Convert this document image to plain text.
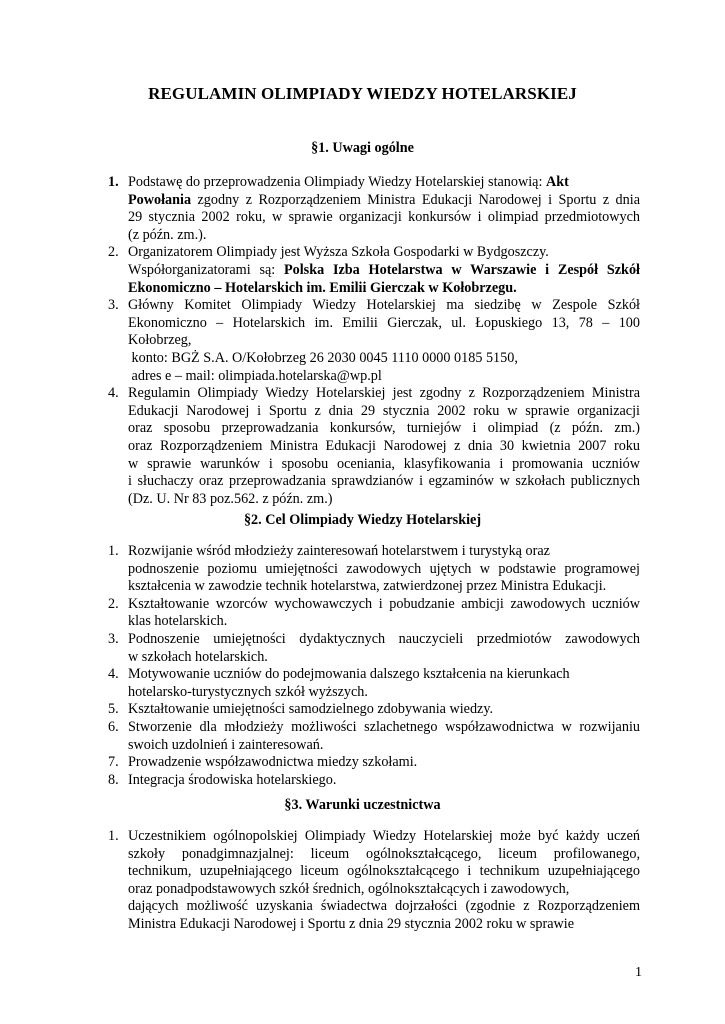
REGULAMIN OLIMPIADY WIEDZY HOTELARSKIEJ
§1. Uwagi ogólne
1. Podstawę do przeprowadzenia Olimpiady Wiedzy Hotelarskiej stanowią: Akt
Powołania zgodny z Rozporządzeniem Ministra Edukacji Narodowej i Sportu z dnia
29 stycznia 2002 roku, w sprawie organizacji konkursów i olimpiad przedmiotowych
(z późn. zm.).
2. Organizatorem Olimpiady jest Wyższa Szkoła Gospodarki w Bydgoszczy.
Współorganizatorami są: Polska Izba Hotelarstwa w Warszawie i Zespół Szkół
Ekonomiczno – Hotelarskich im. Emilii Gierczak w Kołobrzegu.
3. Główny Komitet Olimpiady Wiedzy Hotelarskiej ma siedzibę w Zespole Szkół
Ekonomiczno – Hotelarskich im. Emilii Gierczak, ul. Łopuskiego 13, 78 – 100
Kołobrzeg,
konto: BGŻ S.A. O/Kołobrzeg 26 2030 0045 1110 0000 0185 5150,
adres e – mail: olimpiada.hotelarska@wp.pl
4. Regulamin Olimpiady Wiedzy Hotelarskiej jest zgodny z Rozporządzeniem Ministra
Edukacji Narodowej i Sportu z dnia 29 stycznia 2002 roku w sprawie organizacji
oraz sposobu przeprowadzania konkursów, turniejów i olimpiad (z późn. zm.)
oraz Rozporządzeniem Ministra Edukacji Narodowej z dnia 30 kwietnia 2007 roku
w sprawie warunków i sposobu oceniania, klasyfikowania i promowania uczniów
i słuchaczy oraz przeprowadzania sprawdzianów i egzaminów w szkołach publicznych
(Dz. U. Nr 83 poz.562. z późn. zm.)
§2. Cel Olimpiady Wiedzy Hotelarskiej
1. Rozwijanie wśród młodzieży zainteresowań hotelarstwem i turystyką oraz
podnoszenie poziomu umiejętności zawodowych ujętych w podstawie programowej
kształcenia w zawodzie technik hotelarstwa, zatwierdzonej przez Ministra Edukacji.
2. Kształtowanie wzorców wychowawczych i pobudzanie ambicji zawodowych uczniów
klas hotelarskich.
3. Podnoszenie umiejętności dydaktycznych nauczycieli przedmiotów zawodowych
w szkołach hotelarskich.
4. Motywowanie uczniów do podejmowania dalszego kształcenia na kierunkach
hotelarsko-turystycznych szkół wyższych.
5. Kształtowanie umiejętności samodzielnego zdobywania wiedzy.
6. Stworzenie dla młodzieży możliwości szlachetnego współzawodnictwa w rozwijaniu
swoich uzdolnień i zainteresowań.
7. Prowadzenie współzawodnictwa miedzy szkołami.
8. Integracja środowiska hotelarskiego.
§3. Warunki uczestnictwa
1. Uczestnikiem ogólnopolskiej Olimpiady Wiedzy Hotelarskiej może być każdy uczeń
szkoły ponadgimnazjalnej: liceum ogólnokształcącego, liceum profilowanego,
technikum, uzupełniającego liceum ogólnokształcącego i technikum uzupełniającego
oraz ponadpodstawowych szkół średnich, ogólnokształcących i zawodowych,
dających możliwość uzyskania świadectwa dojrzałości (zgodnie z Rozporządzeniem
Ministra Edukacji Narodowej i Sportu z dnia 29 stycznia 2002 roku w sprawie
1
